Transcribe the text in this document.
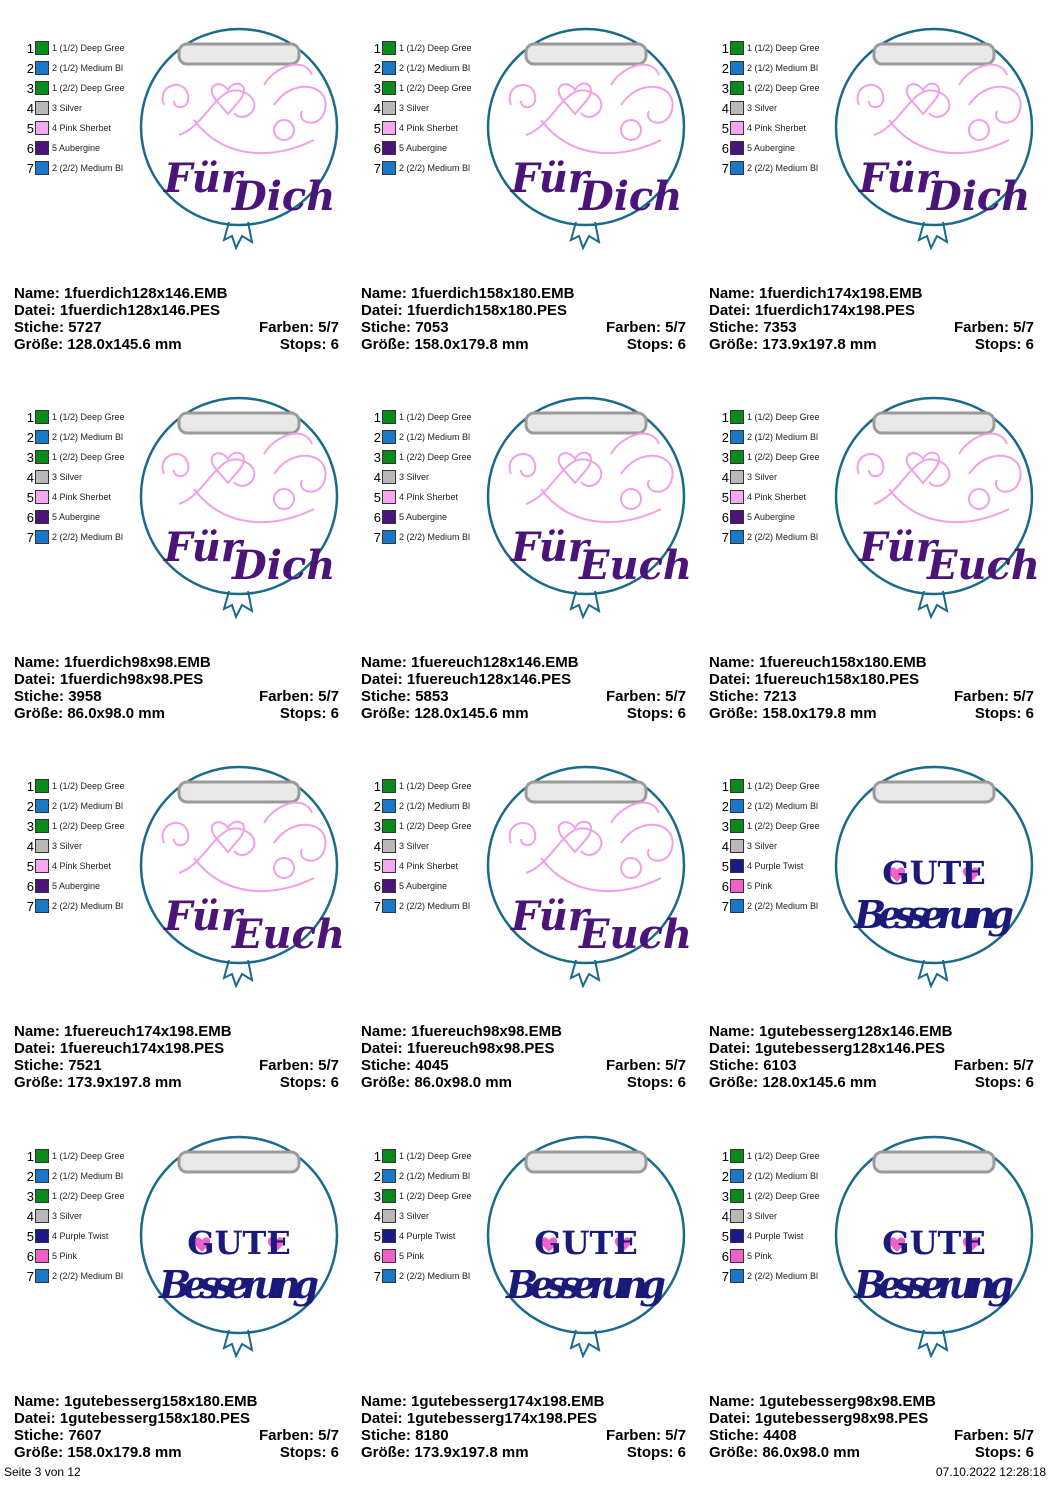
1 1 (1/2) Deep Gree
2 2 (1/2) Medium Bl
3 1 (2/2) Deep Gree
4 3 Silver
5 4 Pink Sherbet
6 5 Aubergine
7 2 (2/2) Medium Bl Für
Dich
Name: 1fuerdich128x146.EMB
Datei: 1fuerdich128x146.PES
Stiche: 5727	Farben: 5/7
Größe: 128.0x145.6 mm	Stops: 6
1 1 (1/2) Deep Gree
2 2 (1/2) Medium Bl
3 1 (2/2) Deep Gree
4 3 Silver
5 4 Pink Sherbet
6 5 Aubergine
7 2 (2/2) Medium Bl Für
Dich
Name: 1fuerdich158x180.EMB
Datei: 1fuerdich158x180.PES
Stiche: 7053	Farben: 5/7
Größe: 158.0x179.8 mm	Stops: 6
1 1 (1/2) Deep Gree
2 2 (1/2) Medium Bl
3 1 (2/2) Deep Gree
4 3 Silver
5 4 Pink Sherbet
6 5 Aubergine
7 2 (2/2) Medium Bl Für
Dich
Name: 1fuerdich174x198.EMB
Datei: 1fuerdich174x198.PES
Stiche: 7353	Farben: 5/7
Größe: 173.9x197.8 mm	Stops: 6
1 1 (1/2) Deep Gree
2 2 (1/2) Medium Bl
3 1 (2/2) Deep Gree
4 3 Silver
5 4 Pink Sherbet
6 5 Aubergine
7 2 (2/2) Medium Bl Für
Dich
Name: 1fuerdich98x98.EMB
Datei: 1fuerdich98x98.PES
Stiche: 3958	Farben: 5/7
Größe: 86.0x98.0 mm	Stops: 6
1 1 (1/2) Deep Gree
2 2 (1/2) Medium Bl
3 1 (2/2) Deep Gree
4 3 Silver
5 4 Pink Sherbet
6 5 Aubergine
7 2 (2/2) Medium Bl Für
Euch
Name: 1fuereuch128x146.EMB
Datei: 1fuereuch128x146.PES
Stiche: 5853	Farben: 5/7
Größe: 128.0x145.6 mm	Stops: 6
1 1 (1/2) Deep Gree
2 2 (1/2) Medium Bl
3 1 (2/2) Deep Gree
4 3 Silver
5 4 Pink Sherbet
6 5 Aubergine
7 2 (2/2) Medium Bl Für
Euch
Name: 1fuereuch158x180.EMB
Datei: 1fuereuch158x180.PES
Stiche: 7213	Farben: 5/7
Größe: 158.0x179.8 mm	Stops: 6
1 1 (1/2) Deep Gree
2 2 (1/2) Medium Bl
3 1 (2/2) Deep Gree
4 3 Silver
5 4 Pink Sherbet
6 5 Aubergine
7 2 (2/2) Medium Bl Für
Euch
Name: 1fuereuch174x198.EMB
Datei: 1fuereuch174x198.PES
Stiche: 7521	Farben: 5/7
Größe: 173.9x197.8 mm	Stops: 6
1 1 (1/2) Deep Gree
2 2 (1/2) Medium Bl
3 1 (2/2) Deep Gree
4 3 Silver
5 4 Pink Sherbet
6 5 Aubergine
7 2 (2/2) Medium Bl Für
Euch
Name: 1fuereuch98x98.EMB
Datei: 1fuereuch98x98.PES
Stiche: 4045	Farben: 5/7
Größe: 86.0x98.0 mm	Stops: 6
1 1 (1/2) Deep Gree
2 2 (1/2) Medium Bl
3 1 (2/2) Deep Gree
4 3 Silver
5 4 Purple Twist
6 5 Pink
7 2 (2/2) Medium Bl
GUTE
Besserung
Name: 1gutebesserg128x146.EMB
Datei: 1gutebesserg128x146.PES
Stiche: 6103	Farben: 5/7
Größe: 128.0x145.6 mm	Stops: 6
1 1 (1/2) Deep Gree
2 2 (1/2) Medium Bl
3 1 (2/2) Deep Gree
4 3 Silver
5 4 Purple Twist
6 5 Pink
7 2 (2/2) Medium Bl
GUTE
Besserung
Name: 1gutebesserg158x180.EMB
Datei: 1gutebesserg158x180.PES
Stiche: 7607	Farben: 5/7
Größe: 158.0x179.8 mm	Stops: 6
1 1 (1/2) Deep Gree
2 2 (1/2) Medium Bl
3 1 (2/2) Deep Gree
4 3 Silver
5 4 Purple Twist
6 5 Pink
7 2 (2/2) Medium Bl
GUTE
Besserung
Name: 1gutebesserg174x198.EMB
Datei: 1gutebesserg174x198.PES
Stiche: 8180	Farben: 5/7
Größe: 173.9x197.8 mm	Stops: 6
1 1 (1/2) Deep Gree
2 2 (1/2) Medium Bl
3 1 (2/2) Deep Gree
4 3 Silver
5 4 Purple Twist
6 5 Pink
7 2 (2/2) Medium Bl
GUTE
Besserung
Name: 1gutebesserg98x98.EMB
Datei: 1gutebesserg98x98.PES
Stiche: 4408	Farben: 5/7
Größe: 86.0x98.0 mm	Stops: 6
Seite 3 von 12	07.10.2022 12:28:18
